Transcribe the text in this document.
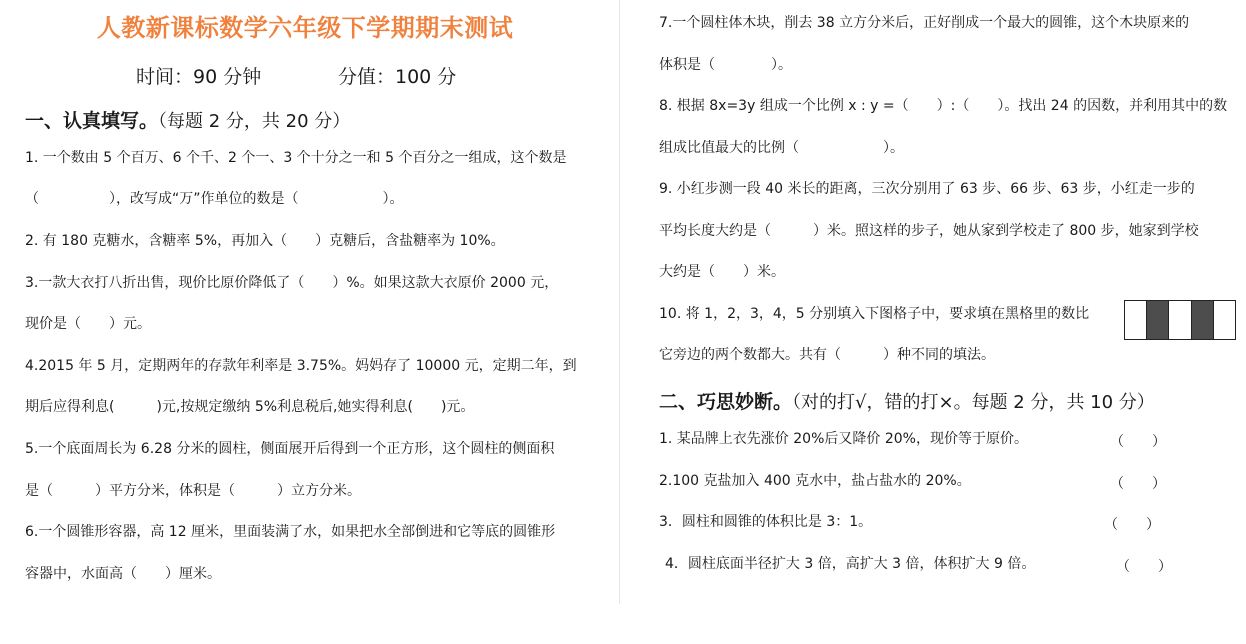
人教新课标数学六年级下学期期末测试
时间：90 分钟	分值：100 分
一、认真填写。（每题 2 分，共 20 分）
1. 一个数由 5 个百万、6 个千、2 个一、3 个十分之一和 5 个百分之一组成，这个数是
（　　　　　），改写成“万”作单位的数是（　　　　　　）。
2. 有 180 克糖水，含糖率 5%，再加入（　　）克糖后，含盐糖率为 10%。
3.一款大衣打八折出售，现价比原价降低了（　　）%。如果这款大衣原价 2000 元，
现价是（　　）元。
4.2015 年 5 月，定期两年的存款年利率是 3.75%。妈妈存了 10000 元，定期二年，到
期后应得利息(　　　)元,按规定缴纳 5%利息税后,她实得利息(　　)元。
5.一个底面周长为 6.28 分米的圆柱，侧面展开后得到一个正方形，这个圆柱的侧面积
是（　　　）平方分米，体积是（　　　）立方分米。
6.一个圆锥形容器，高 12 厘米，里面装满了水，如果把水全部倒进和它等底的圆锥形
容器中，水面高（　　）厘米。
7.一个圆柱体木块，削去 38 立方分米后，正好削成一个最大的圆锥，这个木块原来的
体积是（　　　　）。
8. 根据 8x=3y 组成一个比例 x : y =（　　）:（　　）。找出 24 的因数，并利用其中的数
组成比值最大的比例（　　　　　　）。
9. 小红步测一段 40 米长的距离，三次分别用了 63 步、66 步、63 步，小红走一步的
平均长度大约是（　　　）米。照这样的步子，她从家到学校走了 800 步，她家到学校
大约是（　　）米。
10. 将 1，2，3，4，5 分别填入下图格子中，要求填在黑格里的数比
它旁边的两个数都大。共有（　　　）种不同的填法。
二、巧思妙断。（对的打√，错的打×。每题 2 分，共 10 分）
1. 某品牌上衣先涨价 20%后又降价 20%，现价等于原价。	（　　）
2.100 克盐加入 400 克水中，盐占盐水的 20%。	（　　）
3．圆柱和圆锥的体积比是 3：1。	（　　）
4．圆柱底面半径扩大 3 倍，高扩大 3 倍，体积扩大 9 倍。	（　　）
